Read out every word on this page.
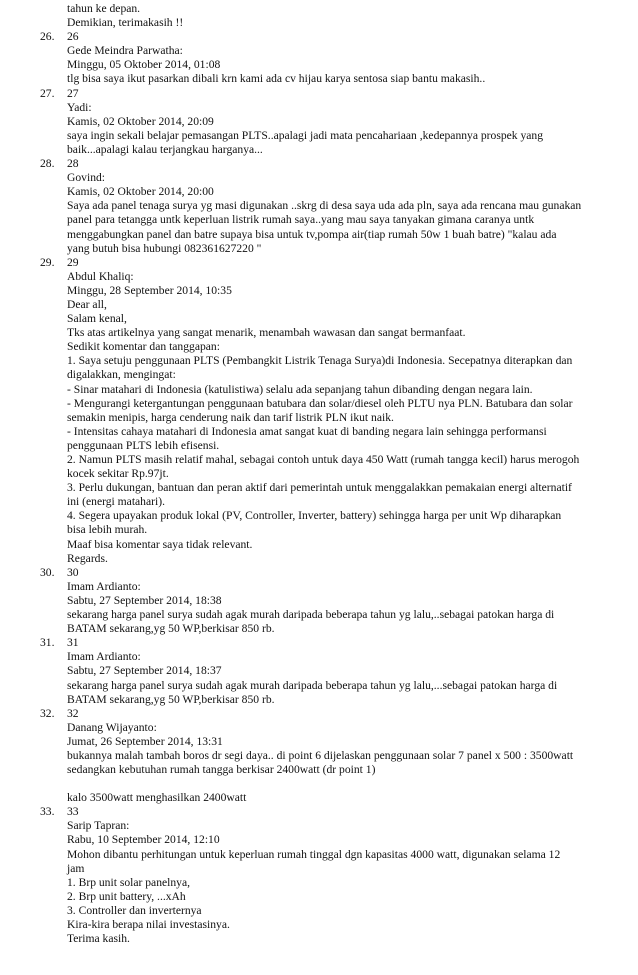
tahun ke depan.
Demikian, terimakasih !!
26.	26
Gede Meindra Parwatha:
Minggu, 05 Oktober 2014, 01:08
tlg bisa saya ikut pasarkan dibali krn kami ada cv hijau karya sentosa siap bantu makasih..
27.	27
Yadi:
Kamis, 02 Oktober 2014, 20:09
saya ingin sekali belajar pemasangan PLTS..apalagi jadi mata pencahariaan ,kedepannya prospek yang
baik...apalagi kalau terjangkau harganya...
28.	28
Govind:
Kamis, 02 Oktober 2014, 20:00
Saya ada panel tenaga surya yg masi digunakan ..skrg di desa saya uda ada pln, saya ada rencana mau gunakan
panel para tetangga untk keperluan listrik rumah saya..yang mau saya tanyakan gimana caranya untk
menggabungkan panel dan batre supaya bisa untuk tv,pompa air(tiap rumah 50w 1 buah batre) "kalau ada
yang butuh bisa hubungi 082361627220 "
29.	29
Abdul Khaliq:
Minggu, 28 September 2014, 10:35
Dear all,
Salam kenal,
Tks atas artikelnya yang sangat menarik, menambah wawasan dan sangat bermanfaat.
Sedikit komentar dan tanggapan:
1. Saya setuju penggunaan PLTS (Pembangkit Listrik Tenaga Surya)di Indonesia. Secepatnya diterapkan dan
digalakkan, mengingat:
- Sinar matahari di Indonesia (katulistiwa) selalu ada sepanjang tahun dibanding dengan negara lain.
- Mengurangi ketergantungan penggunaan batubara dan solar/diesel oleh PLTU nya PLN. Batubara dan solar
semakin menipis, harga cenderung naik dan tarif listrik PLN ikut naik.
- Intensitas cahaya matahari di Indonesia amat sangat kuat di banding negara lain sehingga performansi
penggunaan PLTS lebih efisensi.
2. Namun PLTS masih relatif mahal, sebagai contoh untuk daya 450 Watt (rumah tangga kecil) harus merogoh
kocek sekitar Rp.97jt.
3. Perlu dukungan, bantuan dan peran aktif dari pemerintah untuk menggalakkan pemakaian energi alternatif
ini (energi matahari).
4. Segera upayakan produk lokal (PV, Controller, Inverter, battery) sehingga harga per unit Wp diharapkan
bisa lebih murah.
Maaf bisa komentar saya tidak relevant.
Regards.
30.	30
Imam Ardianto:
Sabtu, 27 September 2014, 18:38
sekarang harga panel surya sudah agak murah daripada beberapa tahun yg lalu,..sebagai patokan harga di
BATAM sekarang,yg 50 WP,berkisar 850 rb.
31.	31
Imam Ardianto:
Sabtu, 27 September 2014, 18:37
sekarang harga panel surya sudah agak murah daripada beberapa tahun yg lalu,...sebagai patokan harga di
BATAM sekarang,yg 50 WP,berkisar 850 rb.
32.	32
Danang Wijayanto:
Jumat, 26 September 2014, 13:31
bukannya malah tambah boros dr segi daya.. di point 6 dijelaskan penggunaan solar 7 panel x 500 : 3500watt
sedangkan kebutuhan rumah tangga berkisar 2400watt (dr point 1)
kalo 3500watt menghasilkan 2400watt
33.	33
Sarip Tapran:
Rabu, 10 September 2014, 12:10
Mohon dibantu perhitungan untuk keperluan rumah tinggal dgn kapasitas 4000 watt, digunakan selama 12
jam
1. Brp unit solar panelnya,
2. Brp unit battery, ...xAh
3. Controller dan inverternya
Kira-kira berapa nilai investasinya.
Terima kasih.
